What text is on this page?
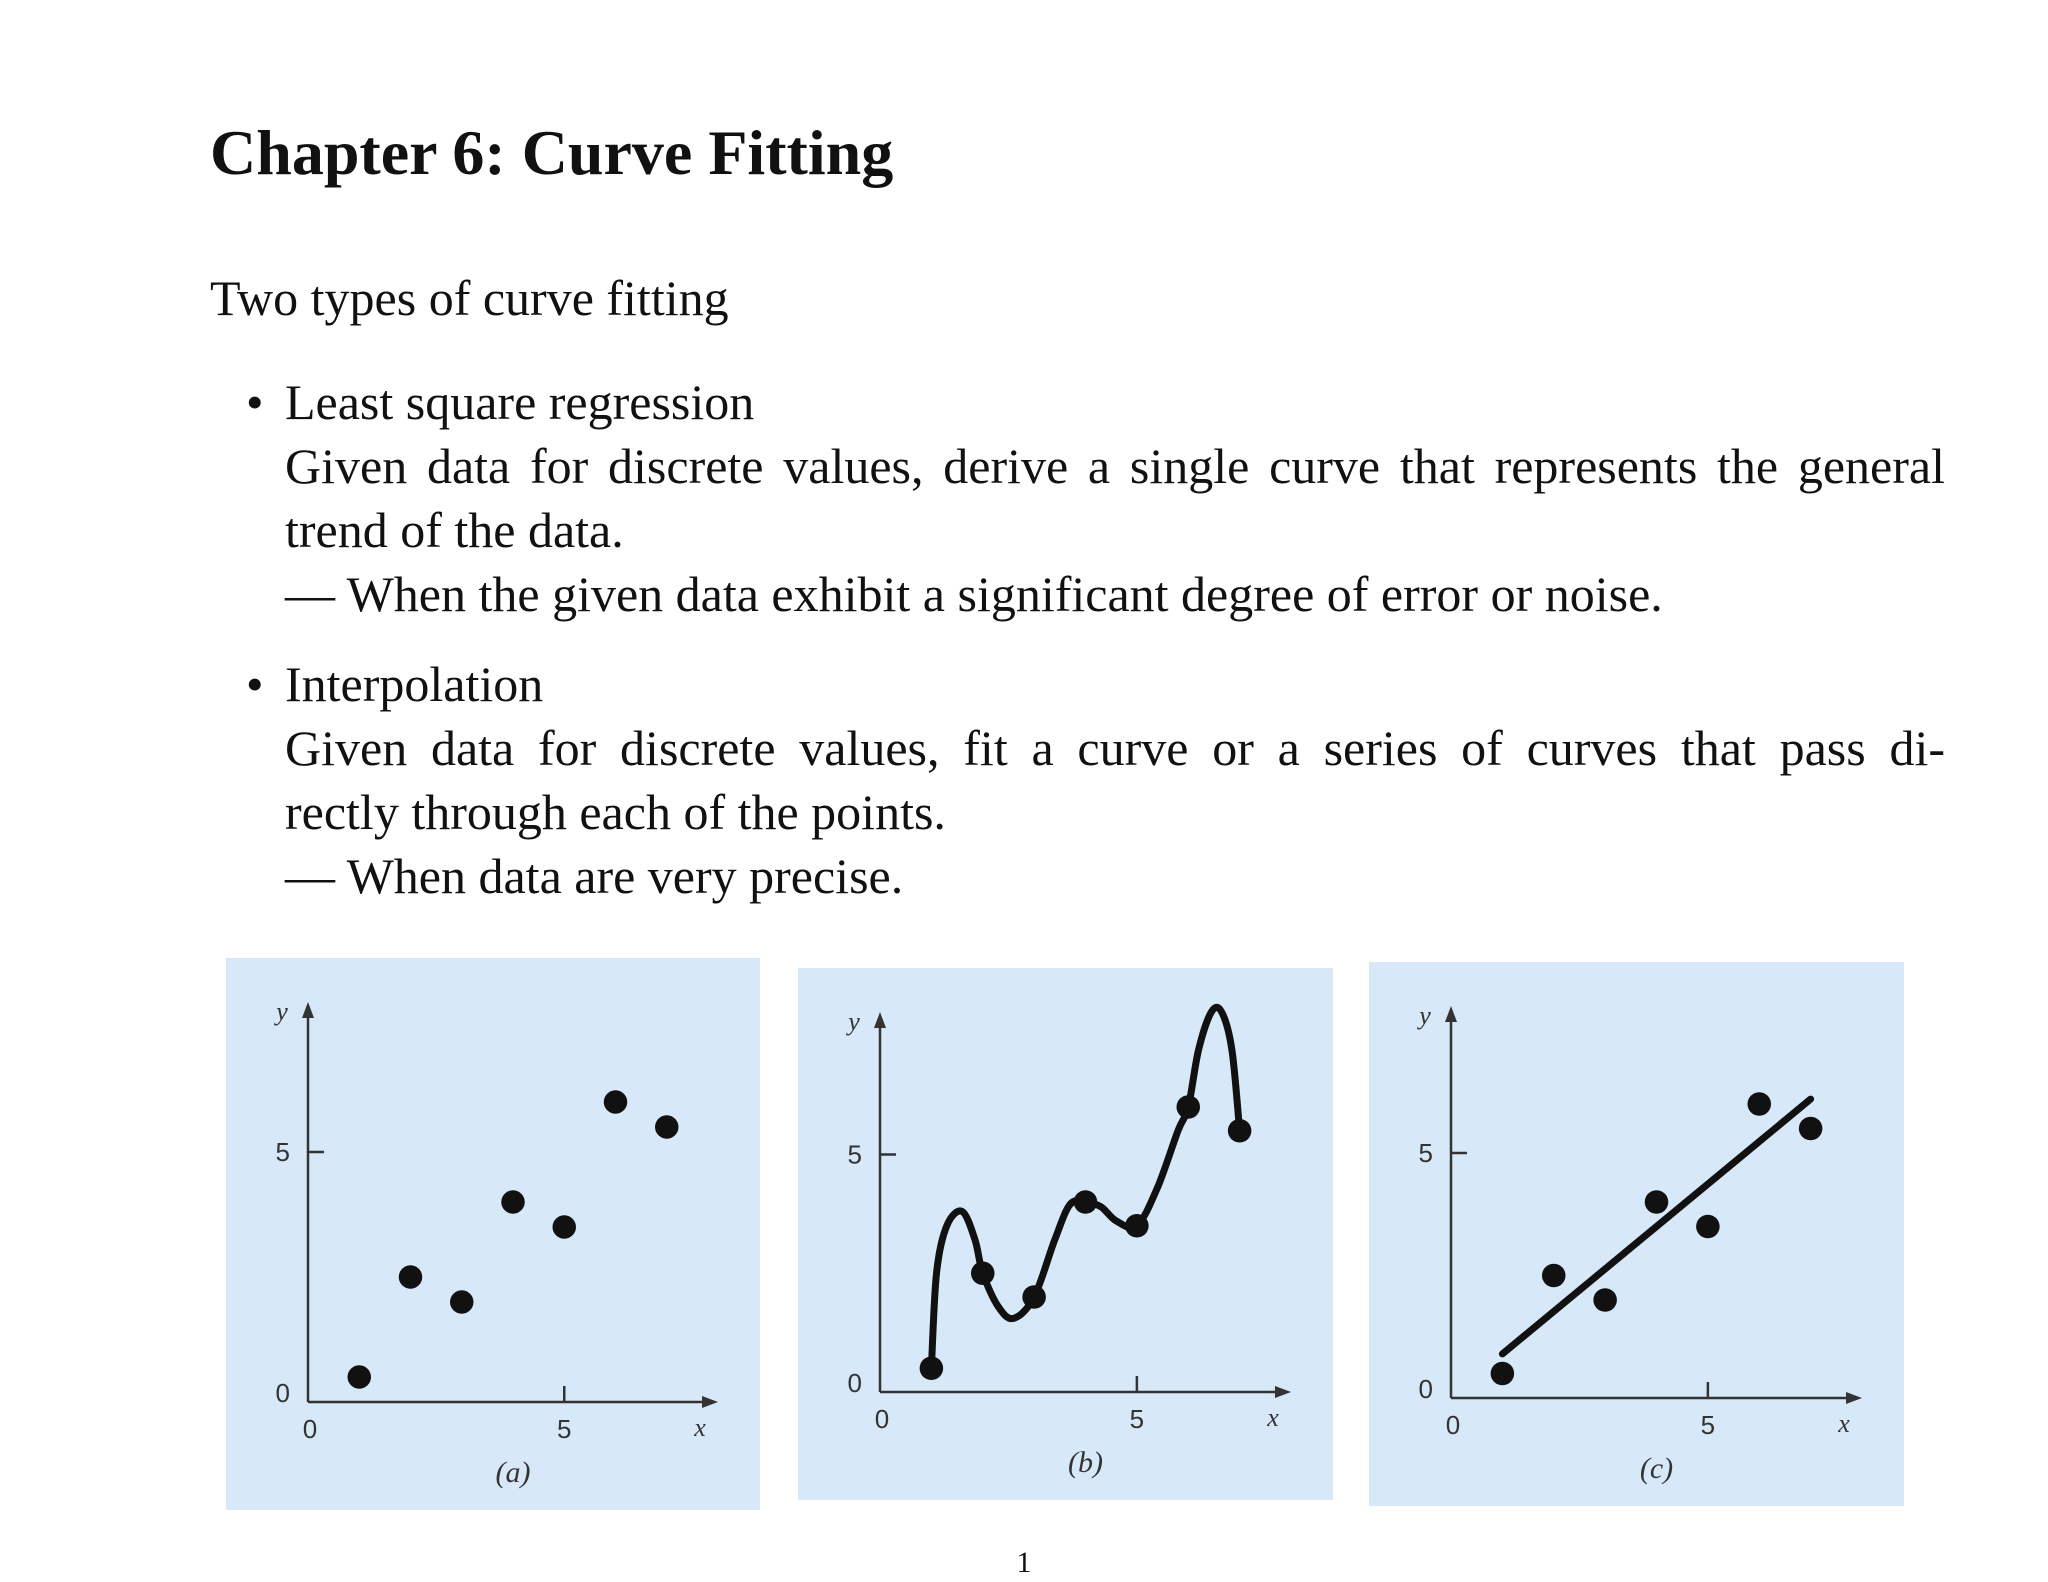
Chapter 6: Curve Fitting

Two types of curve fitting

• Least square regression
Given data for discrete values, derive a single curve that represents the general
trend of the data.
— When the given data exhibit a significant degree of error or noise.
• Interpolation
Given data for discrete values, fit a curve or a series of curves that pass di-
rectly through each of the points.
— When data are very precise.
0	5
0
5
x
y
(a)
0	5
0
5
x
y
(b)
0	5
0
5
x
y
(c)
1
